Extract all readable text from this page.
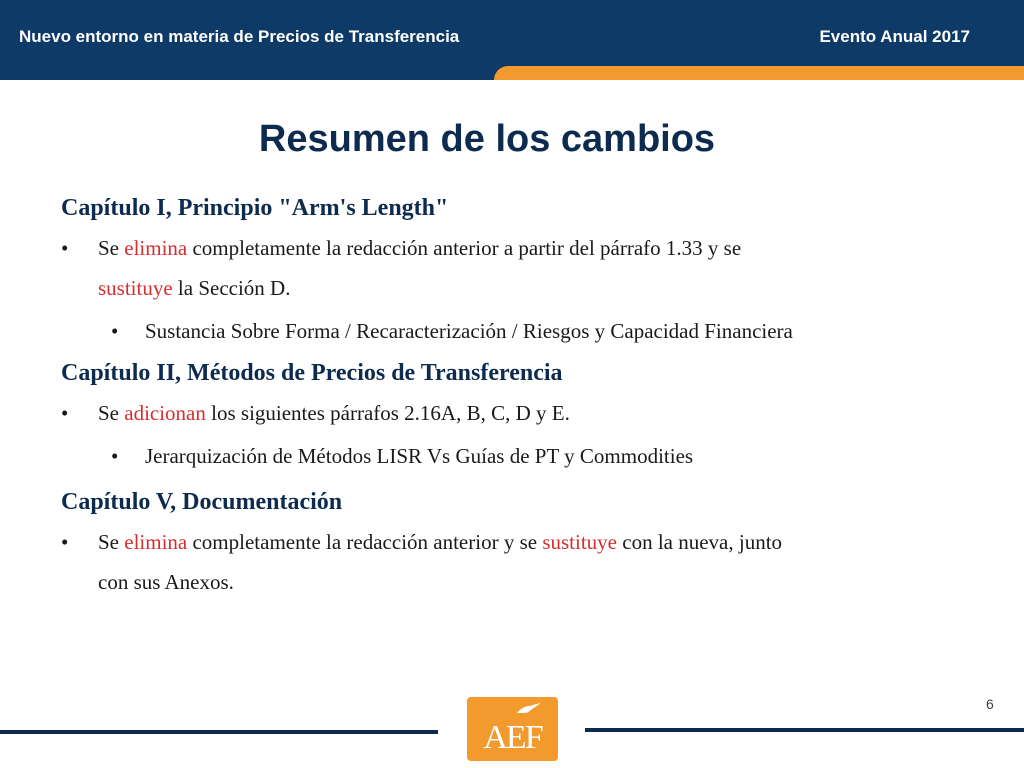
Nuevo entorno en materia de Precios de Transferencia	Evento Anual 2017
Resumen de los cambios

Capítulo I, Principio "Arm's Length"

• Se elimina completamente la redacción anterior a partir del párrafo 1.33 y se
sustituye la Sección D.
• Sustancia Sobre Forma / Recaracterización / Riesgos y Capacidad Financiera

Capítulo II, Métodos de Precios de Transferencia

• Se adicionan los siguientes párrafos 2.16A, B, C, D y E.
• Jerarquización de Métodos LISR Vs Guías de PT y Commodities

Capítulo V, Documentación

• Se elimina completamente la redacción anterior y se sustituye con la nueva, junto
con sus Anexos.
AEF
6
